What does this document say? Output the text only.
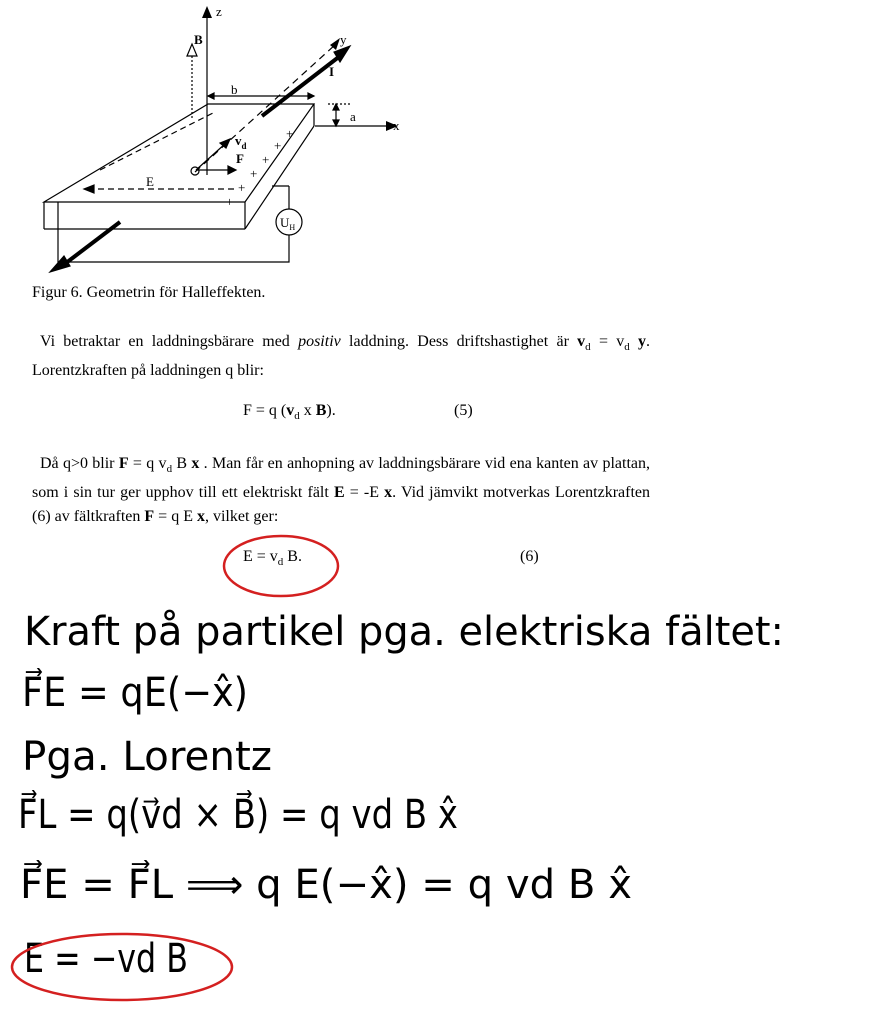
+
+
+
+
+
+
z
y
x
B
I
b
a
E
F
$v_d$
$U_H$
Figur 6. Geometrin för Halleffekten.
Vi betraktar en laddningsbärare med positiv laddning. Dess driftshastighet är $v_d = v_d$ y. Lorentzkraften på laddningen q blir:
F = q ($v_d$ x B).	(5)
Då q>0 blir F = q $v_d$ B x . Man får en anhopning av laddningsbärare vid ena kanten av plattan, som i sin tur ger upphov till ett elektriskt fält E = -E x. Vid jämvikt motverkas Lorentzkraften (6) av fältkraften F = q E x, vilket ger:
$E = v_d$ B.	(6)
Kraft på partikel pga. elektriska fältet:
F⃗E = qE(−x̂)
Pga. Lorentz
F⃗L = q(v⃗d × B⃗) = q vd B x̂
F⃗E = F⃗L ⟹ q E(−x̂) = q vd B x̂
E = −vd B
